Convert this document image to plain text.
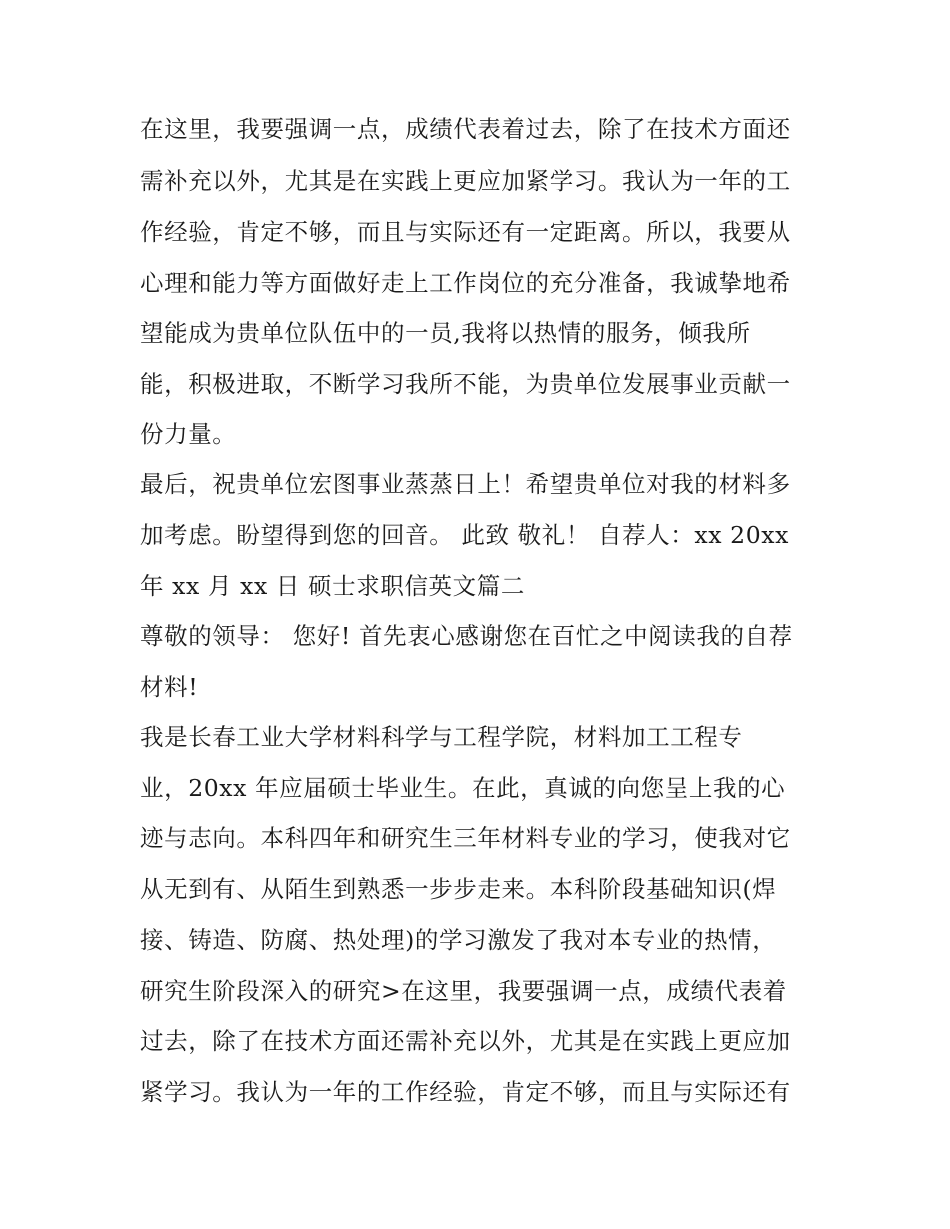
在这里，我要强调一点，成绩代表着过去，除了在技术方面还
需补充以外，尤其是在实践上更应加紧学习。我认为一年的工
作经验，肯定不够，而且与实际还有一定距离。所以，我要从
心理和能力等方面做好走上工作岗位的充分准备，我诚挚地希
望能成为贵单位队伍中的一员,我将以热情的服务，倾我所
能，积极进取，不断学习我所不能，为贵单位发展事业贡献一
份力量。
最后，祝贵单位宏图事业蒸蒸日上！希望贵单位对我的材料多
加考虑。盼望得到您的回音。 此致 敬礼！ 自荐人：xx 20xx
年 xx 月 xx 日 硕士求职信英文篇二
尊敬的领导： 您好! 首先衷心感谢您在百忙之中阅读我的自荐
材料!
我是长春工业大学材料科学与工程学院，材料加工工程专
业，20xx 年应届硕士毕业生。在此，真诚的向您呈上我的心
迹与志向。本科四年和研究生三年材料专业的学习，使我对它
从无到有、从陌生到熟悉一步步走来。本科阶段基础知识(焊
接、铸造、防腐、热处理)的学习激发了我对本专业的热情，
研究生阶段深入的研究>在这里，我要强调一点，成绩代表着
过去，除了在技术方面还需补充以外，尤其是在实践上更应加
紧学习。我认为一年的工作经验，肯定不够，而且与实际还有
